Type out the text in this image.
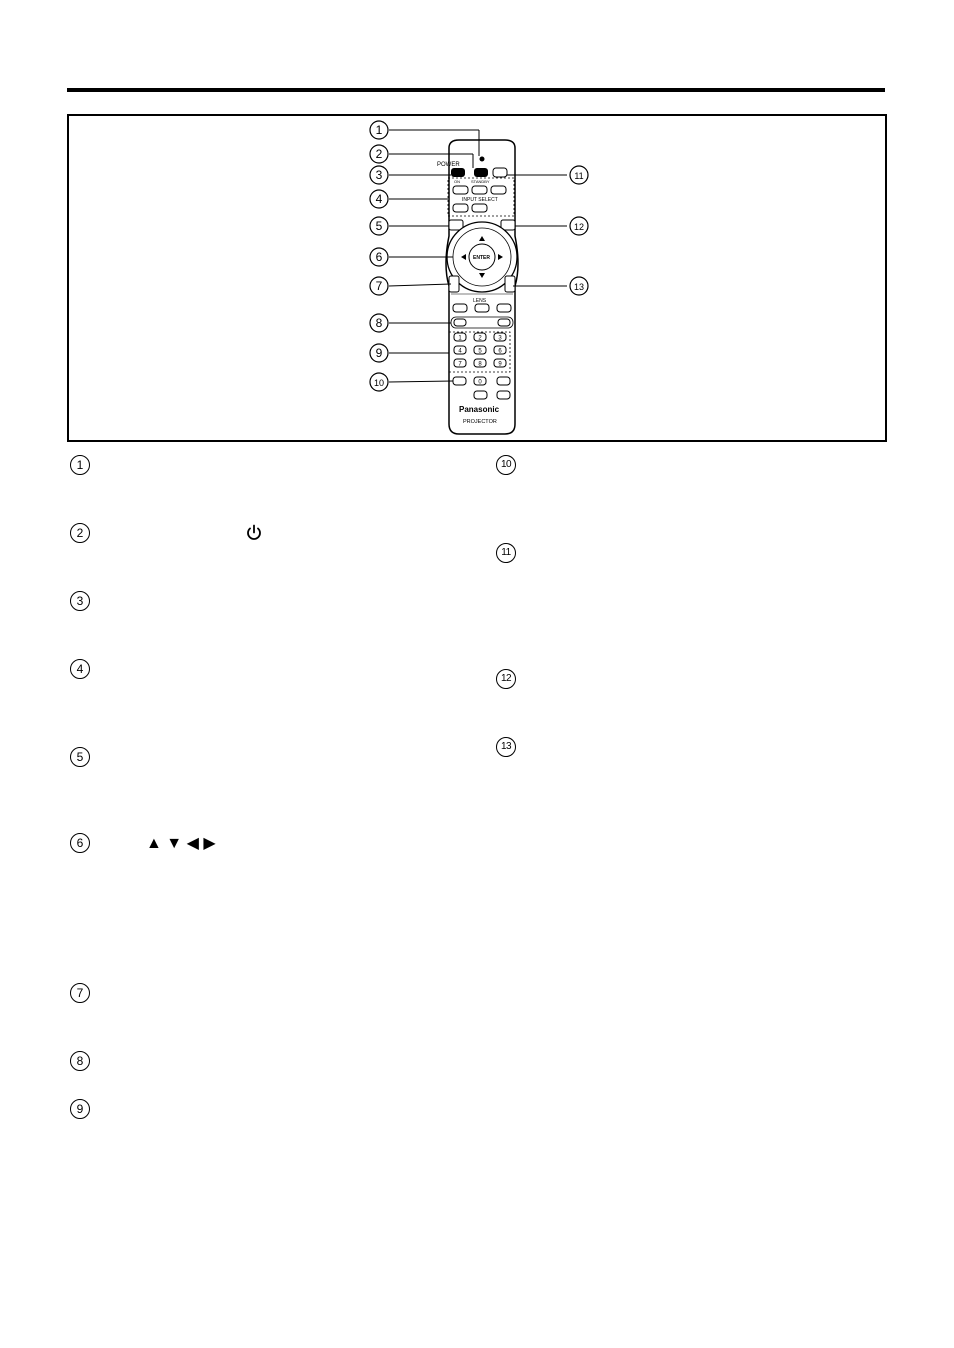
1	2	3
4	5	6
7	8	9
0
POWER
ON	STANDBY
INPUT SELECT
ENTER
LENS
Panasonic
PROJECTOR
1
2
3
4
5
6
7
8
9
10
11
12
13
1
2
3
4
5
6
7
8
9
10
11
12
13
▲ ▼ ◀ ▶
